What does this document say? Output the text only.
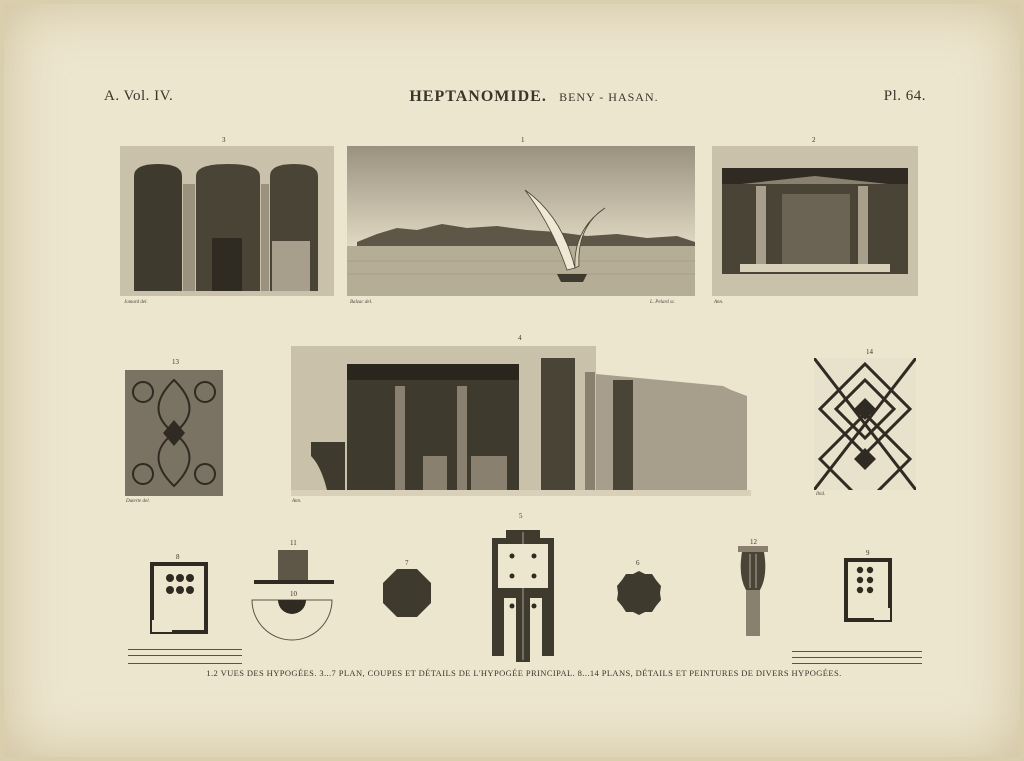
A. Vol. IV.	HEPTANOMIDE. BENY - HASAN.	Pl. 64.
3
Jomard del.
1
Balzac del.	L. Pelard sc.
2
Ann.
13
Duterte del.
4
Ann.
14
Ibid.
8
11
10
7
5
6
12
9
1.2 VUES DES HYPOGÉES. 3...7 PLAN, COUPES ET DÉTAILS DE L'HYPOGÉE PRINCIPAL. 8...14 PLANS, DÉTAILS ET PEINTURES DE DIVERS HYPOGÉES.
